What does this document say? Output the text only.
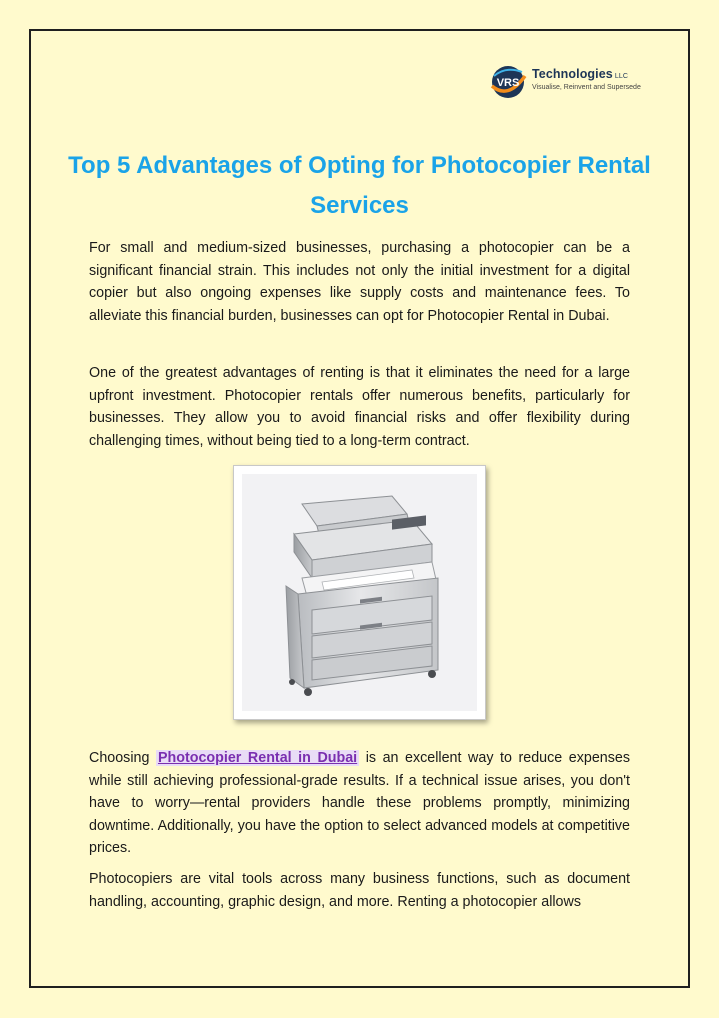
VRS
Technologies LLC
Visualise, Reinvent and Supersede
Top 5 Advantages of Opting for Photocopier Rental Services

For small and medium-sized businesses, purchasing a photocopier can be a significant financial strain. This includes not only the initial investment for a digital copier but also ongoing expenses like supply costs and maintenance fees. To alleviate this financial burden, businesses can opt for Photocopier Rental in Dubai.

One of the greatest advantages of renting is that it eliminates the need for a large upfront investment. Photocopier rentals offer numerous benefits, particularly for businesses. They allow you to avoid financial risks and offer flexibility during challenging times, without being tied to a long-term contract.

Choosing Photocopier Rental in Dubai is an excellent way to reduce expenses while still achieving professional-grade results. If a technical issue arises, you don't have to worry—rental providers handle these problems promptly, minimizing downtime. Additionally, you have the option to select advanced models at competitive prices.

Photocopiers are vital tools across many business functions, such as document handling, accounting, graphic design, and more. Renting a photocopier allows
